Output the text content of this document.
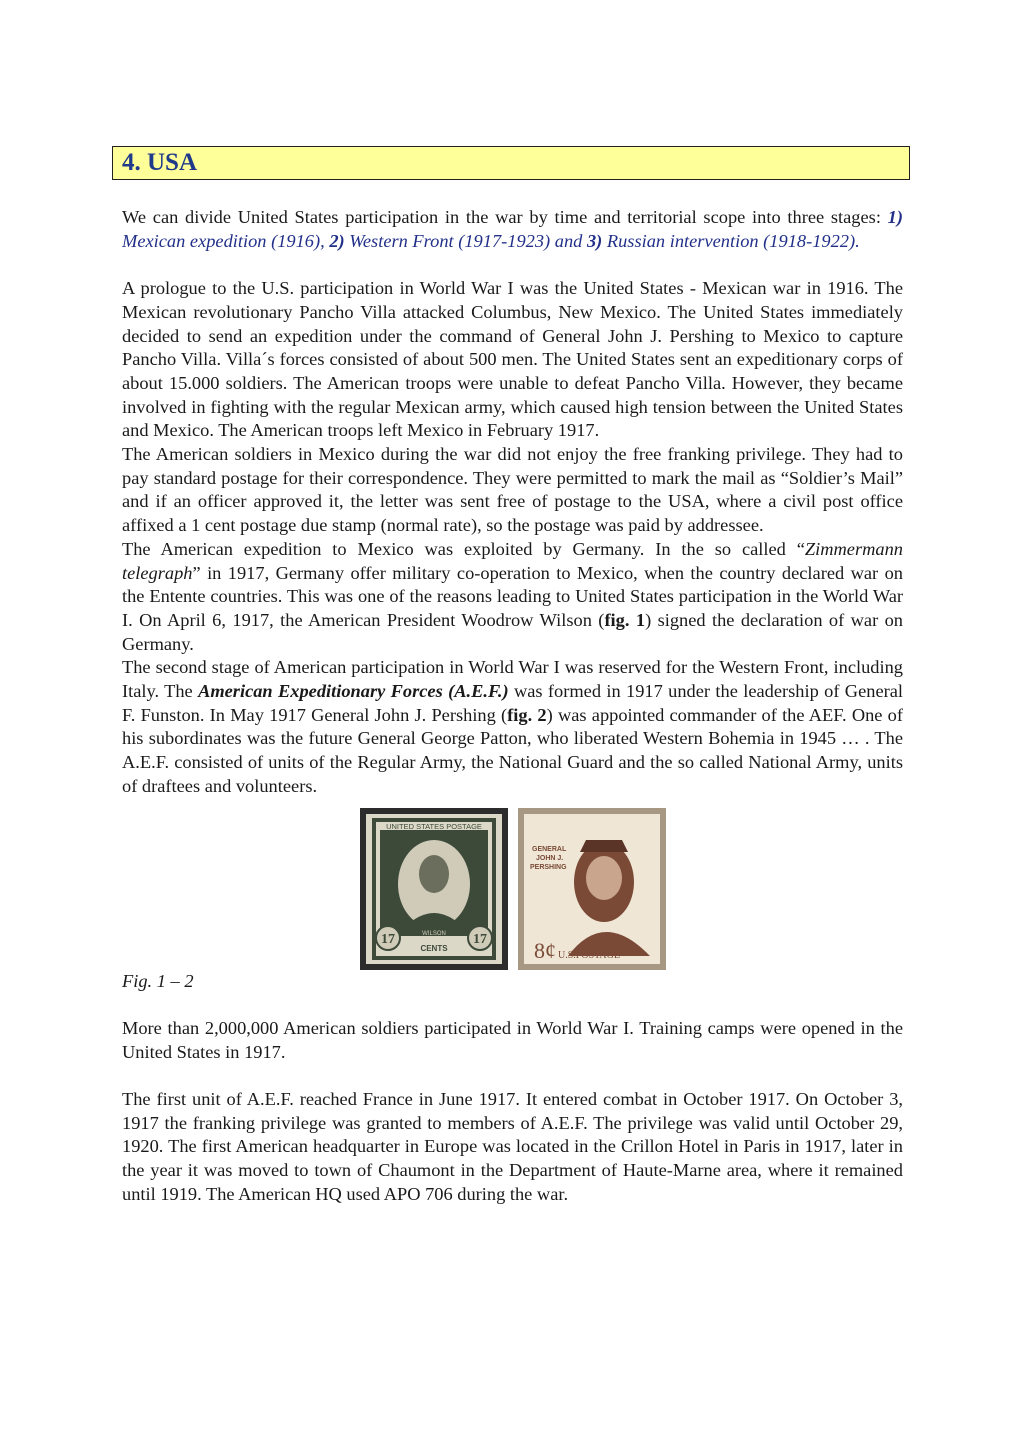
4. USA

We can divide United States participation in the war by time and territorial scope into three stages: 1) Mexican expedition (1916), 2) Western Front (1917-1923) and 3) Russian intervention (1918-1922).

A prologue to the U.S. participation in World War I was the United States - Mexican war in 1916. The Mexican revolutionary Pancho Villa attacked Columbus, New Mexico. The United States immediately decided to send an expedition under the command of General John J. Pershing to Mexico to capture Pancho Villa. Villa´s forces consisted of about 500 men. The United States sent an expeditionary corps of about 15.000 soldiers. The American troops were unable to defeat Pancho Villa. However, they became involved in fighting with the regular Mexican army, which caused high tension between the United States and Mexico. The American troops left Mexico in February 1917.

The American soldiers in Mexico during the war did not enjoy the free franking privilege. They had to pay standard postage for their correspondence. They were permitted to mark the mail as “Soldier’s Mail” and if an officer approved it, the letter was sent free of postage to the USA, where a civil post office affixed a 1 cent postage due stamp (normal rate), so the postage was paid by addressee.

The American expedition to Mexico was exploited by Germany. In the so called “Zimmermann telegraph” in 1917, Germany offer military co-operation to Mexico, when the country declared war on the Entente countries. This was one of the reasons leading to United States participation in the World War I. On April 6, 1917, the American President Woodrow Wilson (fig. 1) signed the declaration of war on Germany.

The second stage of American participation in World War I was reserved for the Western Front, including Italy. The American Expeditionary Forces (A.E.F.) was formed in 1917 under the leadership of General F. Funston. In May 1917 General John J. Pershing (fig. 2) was appointed commander of the AEF. One of his subordinates was the future General George Patton, who liberated Western Bohemia in 1945 … . The A.E.F. consisted of units of the Regular Army, the National Guard and the so called National Army, units of draftees and volunteers.

UNITED STATES POSTAGE
17	17
WILSON
CENTS
GENERAL JOHN J. PERSHING
8¢ U.S.POSTAGE

Fig. 1 – 2

More than 2,000,000 American soldiers participated in World War I. Training camps were opened in the United States in 1917.

The first unit of A.E.F. reached France in June 1917. It entered combat in October 1917. On October 3, 1917 the franking privilege was granted to members of A.E.F. The privilege was valid until October 29, 1920. The first American headquarter in Europe was located in the Crillon Hotel in Paris in 1917, later in the year it was moved to town of Chaumont in the Department of Haute-Marne area, where it remained until 1919. The American HQ used APO 706 during the war.
